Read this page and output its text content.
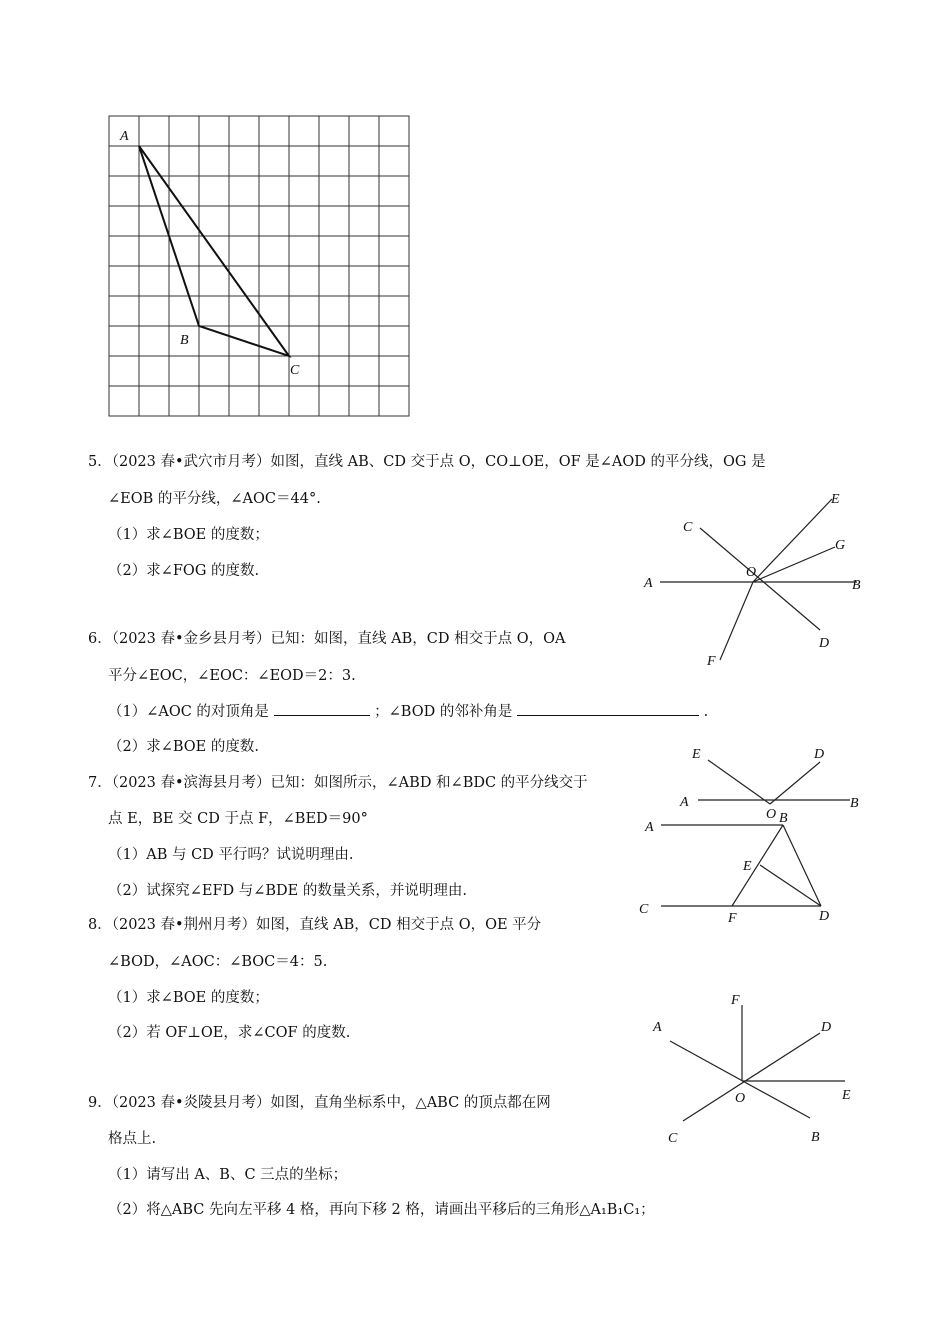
A
B
C
5．（2023 春•武穴市月考）如图，直线 AB、CD 交于点 O，CO⊥OE，OF 是∠AOD 的平分线，OG 是
∠EOB 的平分线，∠AOC＝44°.
（1）求∠BOE 的度数；
（2）求∠FOG 的度数.
A	B
C
D
E
F
G
O
6．（2023 春•金乡县月考）已知：如图，直线 AB，CD 相交于点 O，OA
平分∠EOC，∠EOC：∠EOD＝2：3.
（1）∠AOC 的对顶角是	；∠BOD 的邻补角是	.
（2）求∠BOE 的度数.
A	B
D
E
O
7．（2023 春•滨海县月考）已知：如图所示，∠ABD 和∠BDC 的平分线交于
点 E，BE 交 CD 于点 F，∠BED＝90°
（1）AB 与 CD 平行吗？试说明理由.
（2）试探究∠EFD 与∠BDE 的数量关系，并说明理由.
A
B
C	D
E
F
8．（2023 春•荆州月考）如图，直线 AB，CD 相交于点 O，OE 平分
∠BOD，∠AOC：∠BOC＝4：5.
（1）求∠BOE 的度数；
（2）若 OF⊥OE，求∠COF 的度数.	A
B
C
D
E
F
O
9．（2023 春•炎陵县月考）如图，直角坐标系中，△ABC 的顶点都在网
格点上.
（1）请写出 A、B、C 三点的坐标；
（2）将△ABC 先向左平移 4 格，再向下移 2 格，请画出平移后的三角形△A₁B₁C₁；
